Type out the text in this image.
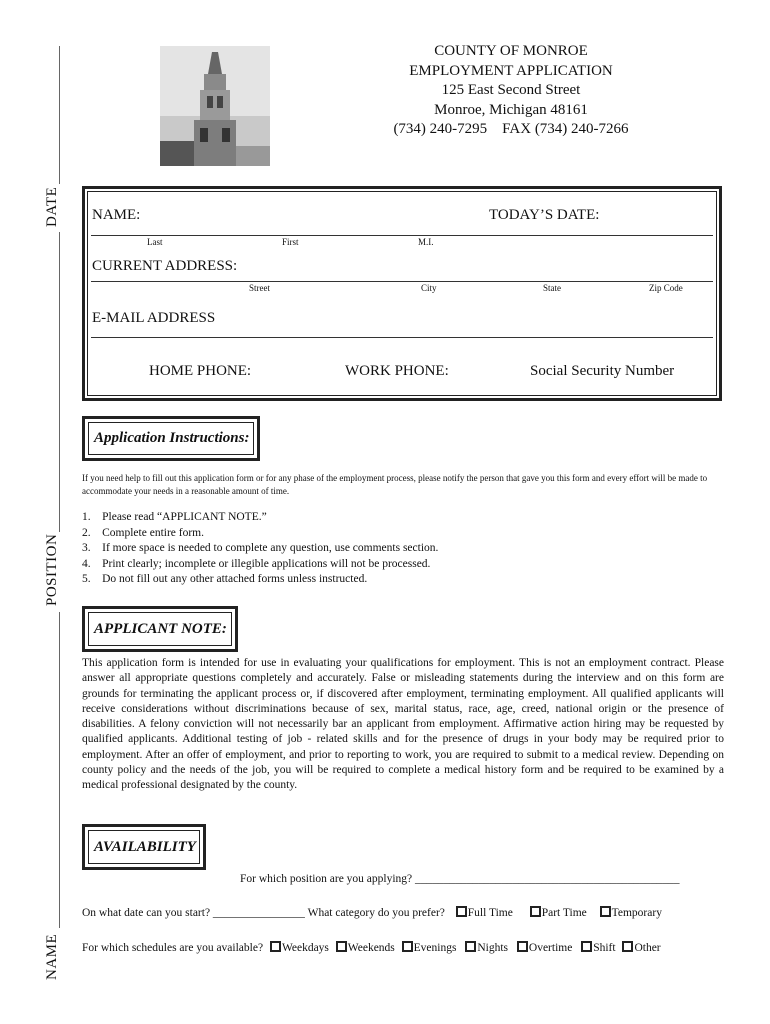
DATE
POSITION
NAME
COUNTY OF MONROE
EMPLOYMENT APPLICATION
125 East Second Street
Monroe, Michigan 48161
(734) 240-7295    FAX (734) 240-7266
NAME:	TODAY’S DATE:
Last	First	M.I.
CURRENT ADDRESS:
Street	City	State	Zip Code
E-MAIL ADDRESS
HOME PHONE:	WORK PHONE:	Social Security Number
Application Instructions:
If you need help to fill out this application form or for any phase of the employment process, please notify the person that gave you this form and every effort will be made to accommodate your needs in a reasonable amount of time.
1.    Please read “APPLICANT NOTE.”
2.    Complete entire form.
3.    If more space is needed to complete any question, use comments section.
4.    Print clearly; incomplete or illegible applications will not be processed.
5.    Do not fill out any other attached forms unless instructed.
APPLICANT NOTE:
This application form is intended for use in evaluating your qualifications for employment. This is not an employment contract. Please answer all appropriate questions completely and accurately. False or misleading statements during the interview and on this form are grounds for terminating the applicant process or, if discovered after employment, terminating employment. All qualified applicants will receive considerations without discriminations because of sex, marital status, race, age, creed, national origin or the presence of disabilities. A felony conviction will not necessarily bar an applicant from employment. Affirmative action hiring may be requested by qualified applicants. Additional testing of job - related skills and for the presence of drugs in your body may be required prior to employment. After an offer of employment, and prior to reporting to work, you are required to submit to a medical review. Depending on county policy and the needs of the job, you will be required to complete a medical history form and be required to be examined by a medical professional designated by the county.
AVAILABILITY
For which position are you applying? ______________________________________________
On what date can you start? ________________ What category do you prefer? Full Time	Part Time Temporary
For which schedules are you available? Weekdays Weekends Evenings Nights Overtime Shift Other
